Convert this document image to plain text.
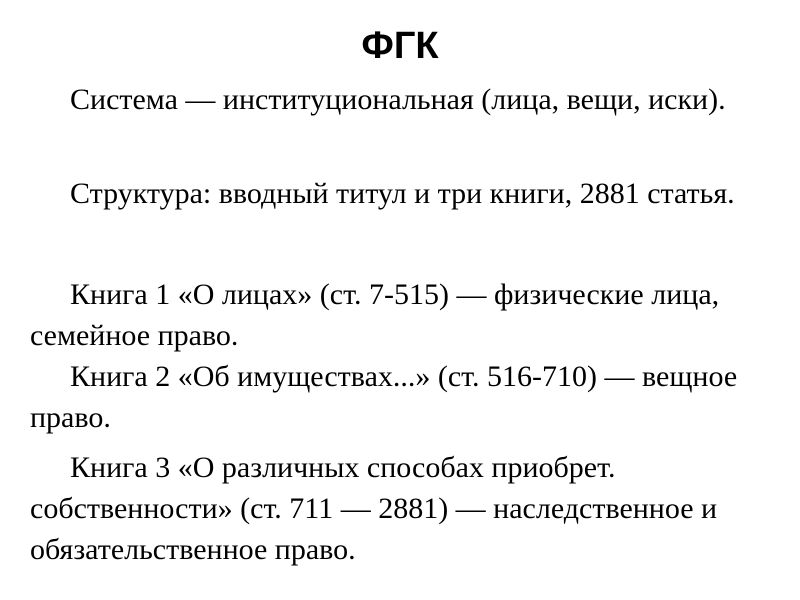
ФГК

Система — институциональная (лица, вещи, иски).

Структура: вводный титул и три книги, 2881 статья.

Книга 1 «О лицах» (ст. 7-515) — физические лица, семейное право.

Книга 2 «Об имуществах...» (ст. 516-710) — вещное право.

Книга 3 «О различных способах приобрет. собственности» (ст. 711 — 2881) — наследственное и обязательственное право.
